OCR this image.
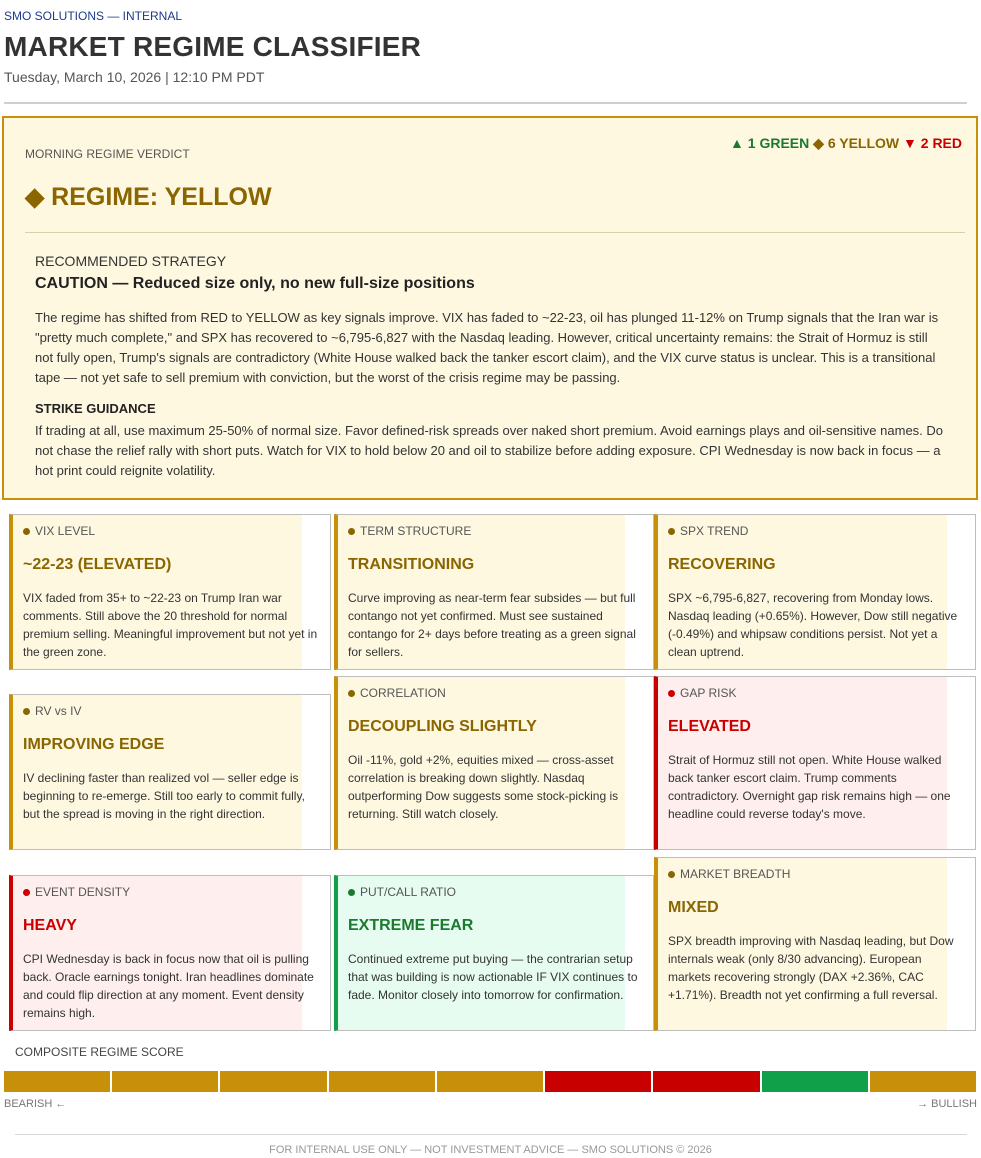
SMO SOLUTIONS — INTERNAL
MARKET REGIME CLASSIFIER
Tuesday, March 10, 2026 | 12:10 PM PDT
MORNING REGIME VERDICT
▲ 1 GREEN ◆ 6 YELLOW ▼ 2 RED
◆ REGIME: YELLOW
RECOMMENDED STRATEGY
CAUTION — Reduced size only, no new full-size positions

The regime has shifted from RED to YELLOW as key signals improve. VIX has faded to ~22-23, oil has plunged 11-12% on Trump signals that the Iran war is "pretty much complete," and SPX has recovered to ~6,795-6,827 with the Nasdaq leading. However, critical uncertainty remains: the Strait of Hormuz is still not fully open, Trump's signals are contradictory (White House walked back the tanker escort claim), and the VIX curve status is unclear. This is a transitional tape — not yet safe to sell premium with conviction, but the worst of the crisis regime may be passing.

STRIKE GUIDANCE

If trading at all, use maximum 25-50% of normal size. Favor defined-risk spreads over naked short premium. Avoid earnings plays and oil-sensitive names. Do not chase the relief rally with short puts. Watch for VIX to hold below 20 and oil to stabilize before adding exposure. CPI Wednesday is now back in focus — a hot print could reignite volatility.

VIX LEVEL
~22-23 (ELEVATED)
VIX faded from 35+ to ~22-23 on Trump Iran war comments. Still above the 20 threshold for normal premium selling. Meaningful improvement but not yet in the green zone.
TERM STRUCTURE
TRANSITIONING
Curve improving as near-term fear subsides — but full contango not yet confirmed. Must see sustained contango for 2+ days before treating as a green signal for sellers.
SPX TREND
RECOVERING
SPX ~6,795-6,827, recovering from Monday lows. Nasdaq leading (+0.65%). However, Dow still negative (-0.49%) and whipsaw conditions persist. Not yet a clean uptrend.
RV vs IV
IMPROVING EDGE
IV declining faster than realized vol — seller edge is beginning to re-emerge. Still too early to commit fully, but the spread is moving in the right direction.
CORRELATION
DECOUPLING SLIGHTLY
Oil -11%, gold +2%, equities mixed — cross-asset correlation is breaking down slightly. Nasdaq outperforming Dow suggests some stock-picking is returning. Still watch closely.
GAP RISK
ELEVATED
Strait of Hormuz still not open. White House walked back tanker escort claim. Trump comments contradictory. Overnight gap risk remains high — one headline could reverse today's move.
EVENT DENSITY
HEAVY
CPI Wednesday is back in focus now that oil is pulling back. Oracle earnings tonight. Iran headlines dominate and could flip direction at any moment. Event density remains high.
PUT/CALL RATIO
EXTREME FEAR
Continued extreme put buying — the contrarian setup that was building is now actionable IF VIX continues to fade. Monitor closely into tomorrow for confirmation.
MARKET BREADTH
MIXED
SPX breadth improving with Nasdaq leading, but Dow internals weak (only 8/30 advancing). European markets recovering strongly (DAX +2.36%, CAC +1.71%). Breadth not yet confirming a full reversal.
COMPOSITE REGIME SCORE
BEARISH ←	→ BULLISH
FOR INTERNAL USE ONLY — NOT INVESTMENT ADVICE — SMO SOLUTIONS © 2026
